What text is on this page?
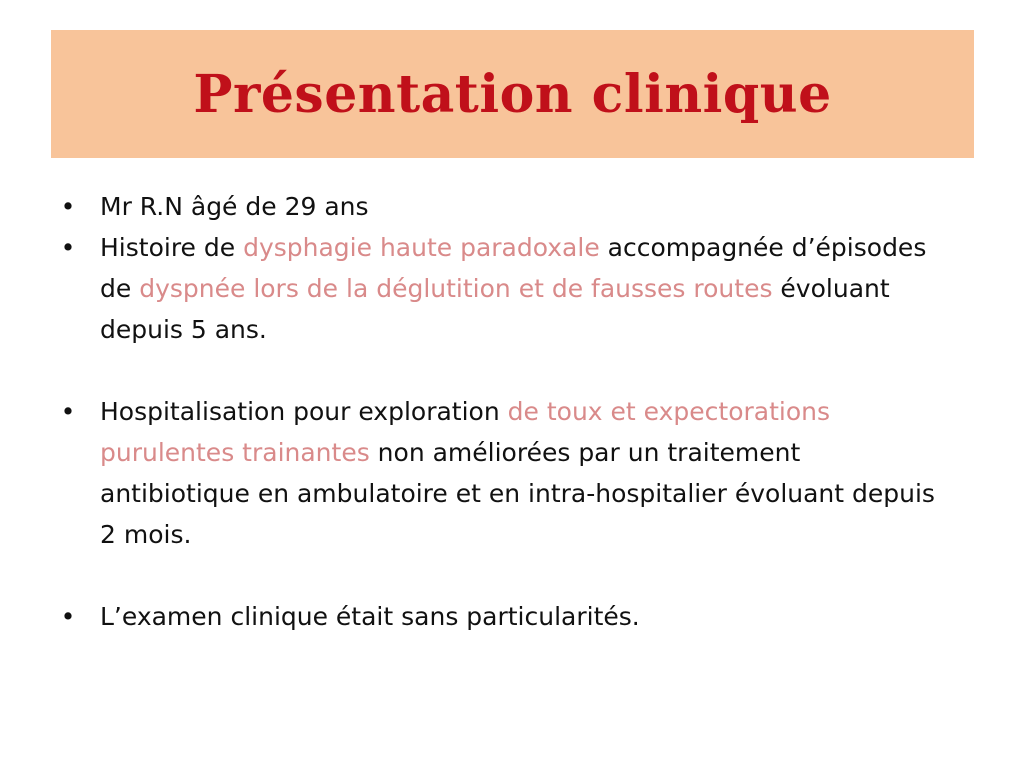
Présentation clinique
• Mr R.N âgé de 29 ans
• Histoire de dysphagie haute paradoxale accompagnée d’épisodes de dyspnée lors de la déglutition et de fausses routes évoluant depuis 5 ans.
• Hospitalisation pour exploration de toux et expectorations purulentes trainantes non améliorées par un traitement antibiotique en ambulatoire et en intra-hospitalier évoluant depuis 2 mois.
• L’examen clinique était sans particularités.
